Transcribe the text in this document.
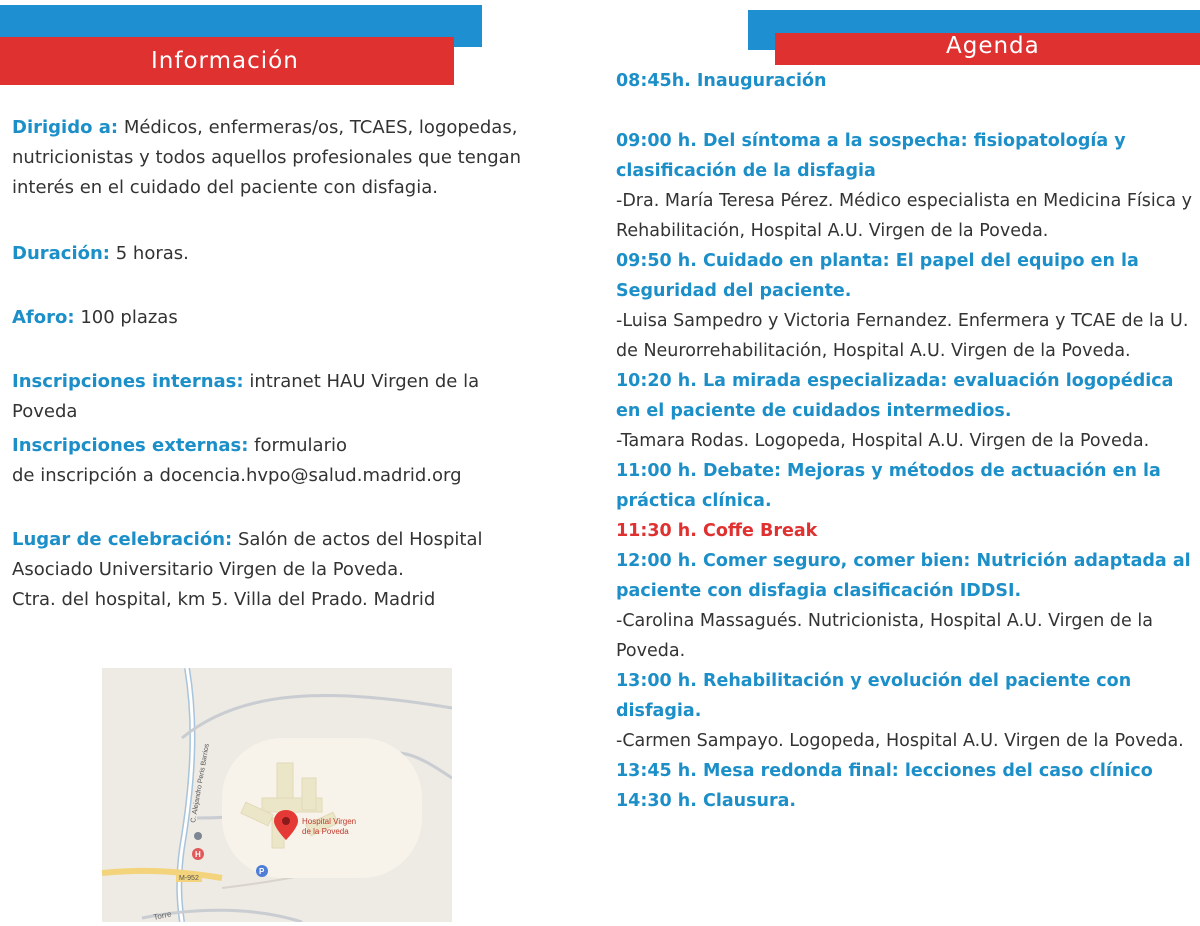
Información
Agenda
Dirigido a: Médicos, enfermeras/os, TCAES, logopedas, nutricionistas y todos aquellos profesionales que tengan interés en el cuidado del paciente con disfagia.
Duración: 5 horas.
Aforo: 100 plazas
Inscripciones internas: intranet HAU Virgen de la Poveda
Inscripciones externas: formulario
de inscripción a docencia.hvpo@salud.madrid.org
Lugar de celebración: Salón de actos del Hospital Asociado Universitario Virgen de la Poveda.
Ctra. del hospital, km 5. Villa del Prado. Madrid
Hospital Virgen
de la Poveda
C. Alejandro Peris Barrios
H
P
M-952
Torre
08:45h. Inauguración
09:00 h. Del síntoma a la sospecha: fisiopatología y clasificación de la disfagia
-Dra. María Teresa Pérez. Médico especialista en Medicina Física y Rehabilitación, Hospital A.U. Virgen de la Poveda.
09:50 h. Cuidado en planta: El papel del equipo en la Seguridad del paciente.
-Luisa Sampedro y Victoria Fernandez. Enfermera y TCAE de la U. de Neurorrehabilitación, Hospital A.U. Virgen de la Poveda.
10:20 h. La mirada especializada: evaluación logopédica en el paciente de cuidados intermedios.
-Tamara Rodas. Logopeda, Hospital A.U. Virgen de la Poveda.
11:00 h. Debate: Mejoras y métodos de actuación en la práctica clínica.
11:30 h. Coffe Break
12:00 h. Comer seguro, comer bien: Nutrición adaptada al paciente con disfagia clasificación IDDSI.
-Carolina Massagués. Nutricionista, Hospital A.U. Virgen de la Poveda.
13:00 h. Rehabilitación y evolución del paciente con disfagia.
-Carmen Sampayo. Logopeda, Hospital A.U. Virgen de la Poveda.
13:45 h. Mesa redonda final: lecciones del caso clínico
14:30 h. Clausura.
